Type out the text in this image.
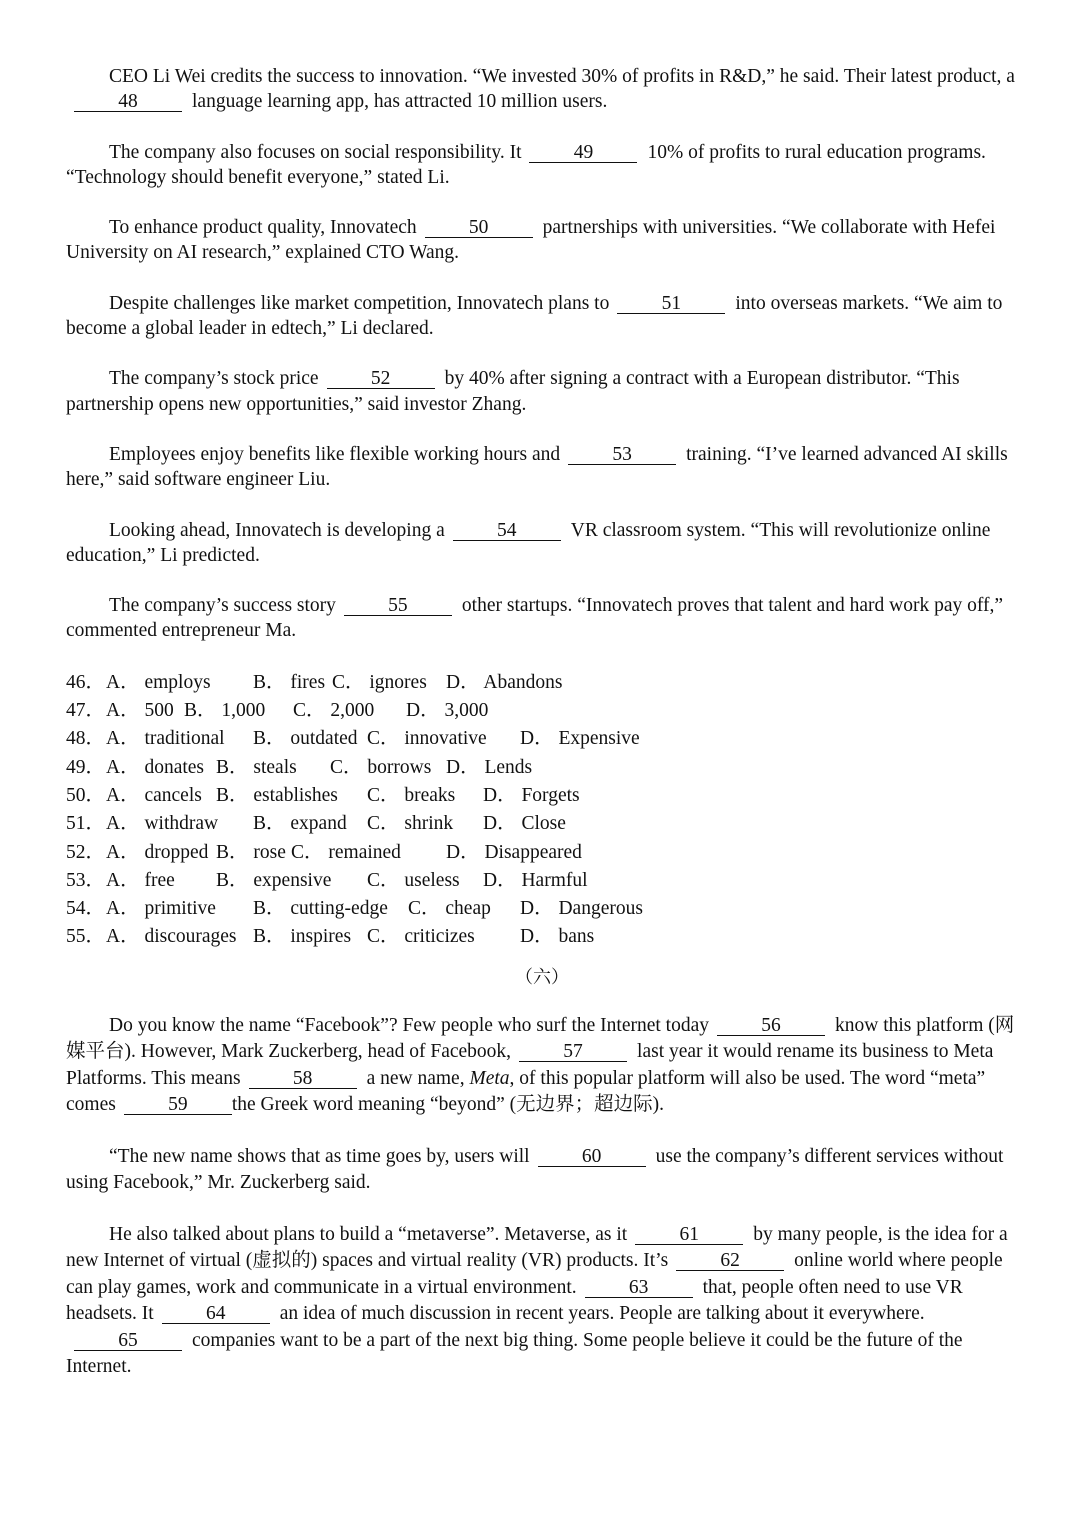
CEO Li Wei credits the success to innovation. “We invested 30% of profits in R&D,” he said. Their latest product, a48	language learning app, has attracted 10 million users.

The company also focuses on social responsibility. It	49	10% of profits to rural education programs. “Technology should benefit everyone,” stated Li.

To enhance product quality, Innovatech	50	partnerships with universities. “We collaborate with Hefei University on AI research,” explained CTO Wang.

Despite challenges like market competition, Innovatech plans to	51	into overseas markets. “We aim to become a global leader in edtech,” Li declared.

The company’s stock price	52	by 40% after signing a contract with a European distributor. “This partnership opens new opportunities,” said investor Zhang.

Employees enjoy benefits like flexible working hours and	53	training. “I’ve learned advanced AI skills here,” said software engineer Liu.

Looking ahead, Innovatech is developing a	54	VR classroom system. “This will revolutionize online education,” Li predicted.

The company’s success story	55	other startups. “Innovatech proves that talent and hard work pay off,” commented entrepreneur Ma.

46． A． employs B． fires C． ignores D． Abandons
47． A． 500 B． 1,000 C． 2,000 D． 3,000
48． A． traditional B． outdated C． innovative D． Expensive
49． A． donates B． steals C． borrows D． Lends
50． A． cancels B． establishes C． breaks D． Forgets
51． A． withdraw B． expand C． shrink D． Close
52． A． dropped B． rose C． remained D． Disappeared
53． A． free B． expensive C． useless D． Harmful
54． A． primitive B． cutting-edge C． cheap D． Dangerous
55． A． discourages B． inspires C． criticizes D． bans
（六）

Do you know the name “Facebook”? Few people who surf the Internet today	56	know this platform (网媒平台). However, Mark Zuckerberg, head of Facebook,	57	last year it would rename its business to Meta Platforms. This means	58	a new name, Meta, of this popular platform will also be used. The word “meta” comes	59 the Greek word meaning “beyond” (无边界；超边际).

“The new name shows that as time goes by, users will	60	use the company’s different services without using Facebook,” Mr. Zuckerberg said.

He also talked about plans to build a “metaverse”. Metaverse, as it	61	by many people, is the idea for a new Internet of virtual (虚拟的) spaces and virtual reality (VR) products. It’s	62	online world where people can play games, work and communicate in a virtual environment.	63	that, people often need to use VR headsets. It	64	an idea of much discussion in recent years. People are talking about it everywhere.65	companies want to be a part of the next big thing. Some people believe it could be the future of the Internet.
